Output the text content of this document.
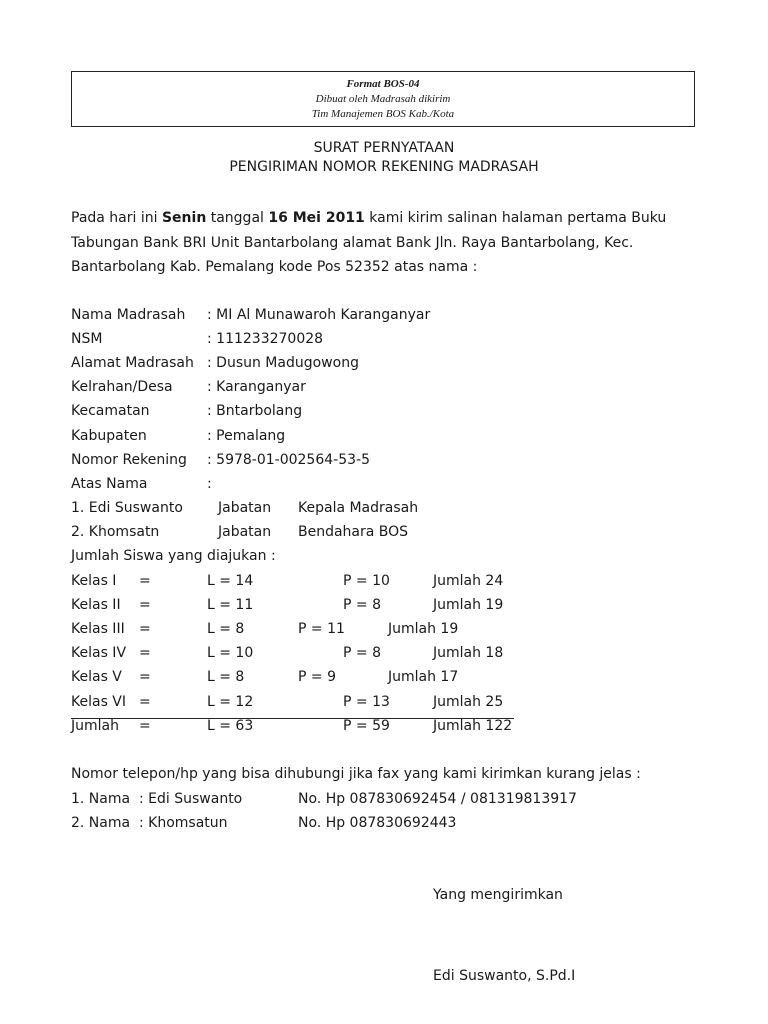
Format BOS-04
Dibuat oleh Madrasah dikirim
Tim Manajemen BOS Kab./Kota
SURAT PERNYATAAN
PENGIRIMAN NOMOR REKENING MADRASAH
Pada hari ini Senin tanggal 16 Mei 2011 kami kirim salinan halaman pertama Buku
Tabungan Bank BRI Unit Bantarbolang alamat Bank Jln. Raya Bantarbolang, Kec.
Bantarbolang Kab. Pemalang kode Pos 52352 atas nama :
Nama Madrasah : MI Al Munawaroh Karanganyar
NSM	: 111233270028
Alamat Madrasah : Dusun Madugowong
Kelrahan/Desa : Karanganyar
Kecamatan	: Bntarbolang
Kabupaten	: Pemalang
Nomor Rekening : 5978-01-002564-53-5
Atas Nama	:
1. Edi Suswanto	Jabatan Kepala Madrasah
2. Khomsatn	Jabatan Bendahara BOS
Jumlah Siswa yang diajukan :
Kelas I =	L = 14	P = 10	Jumlah 24
Kelas II =	L = 11	P = 8	Jumlah 19
Kelas III =	L = 8	P = 11	Jumlah 19
Kelas IV =	L = 10	P = 8	Jumlah 18
Kelas V =	L = 8	P = 9	Jumlah 17
Kelas VI =	L = 12	P = 13	Jumlah 25
Jumlah =	L = 63	P = 59	Jumlah 122
Nomor telepon/hp yang bisa dihubungi jika fax yang kami kirimkan kurang jelas :
1. Nama : Edi Suswanto	No. Hp 087830692454 / 081319813917
2. Nama : Khomsatun	No. Hp 087830692443
Yang mengirimkan
Edi Suswanto, S.Pd.I
